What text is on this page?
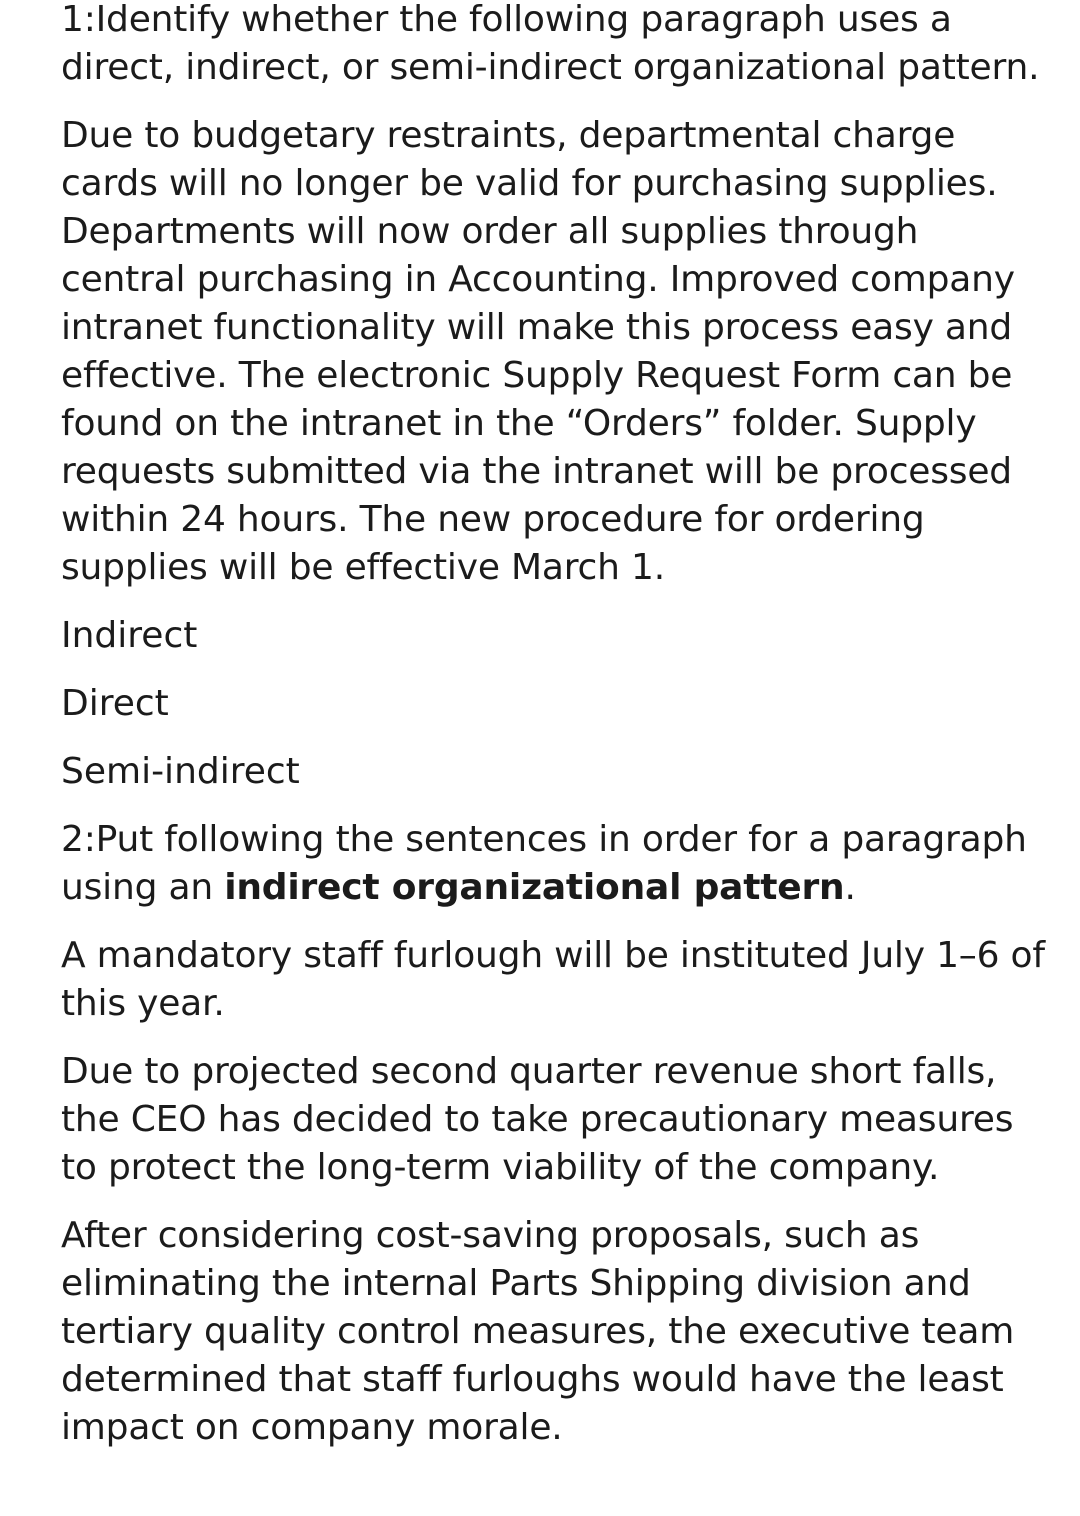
1:Identify whether the following paragraph uses a direct, indirect, or semi-indirect organizational pattern.

Due to budgetary restraints, departmental charge cards will no longer be valid for purchasing supplies. Departments will now order all supplies through central purchasing in Accounting. Improved company intranet functionality will make this process easy and effective. The electronic Supply Request Form can be found on the intranet in the “Orders” folder. Supply requests submitted via the intranet will be processed within 24 hours. The new procedure for ordering supplies will be effective March 1.

Indirect

Direct

Semi-indirect

2:Put following the sentences in order for a paragraph using an indirect organizational pattern.

A mandatory staff furlough will be instituted July 1–6 of this year.

Due to projected second quarter revenue short falls, the CEO has decided to take precautionary measures to protect the long-term viability of the company.

After considering cost-saving proposals, such as eliminating the internal Parts Shipping division and tertiary quality control measures, the executive team determined that staff furloughs would have the least impact on company morale.
